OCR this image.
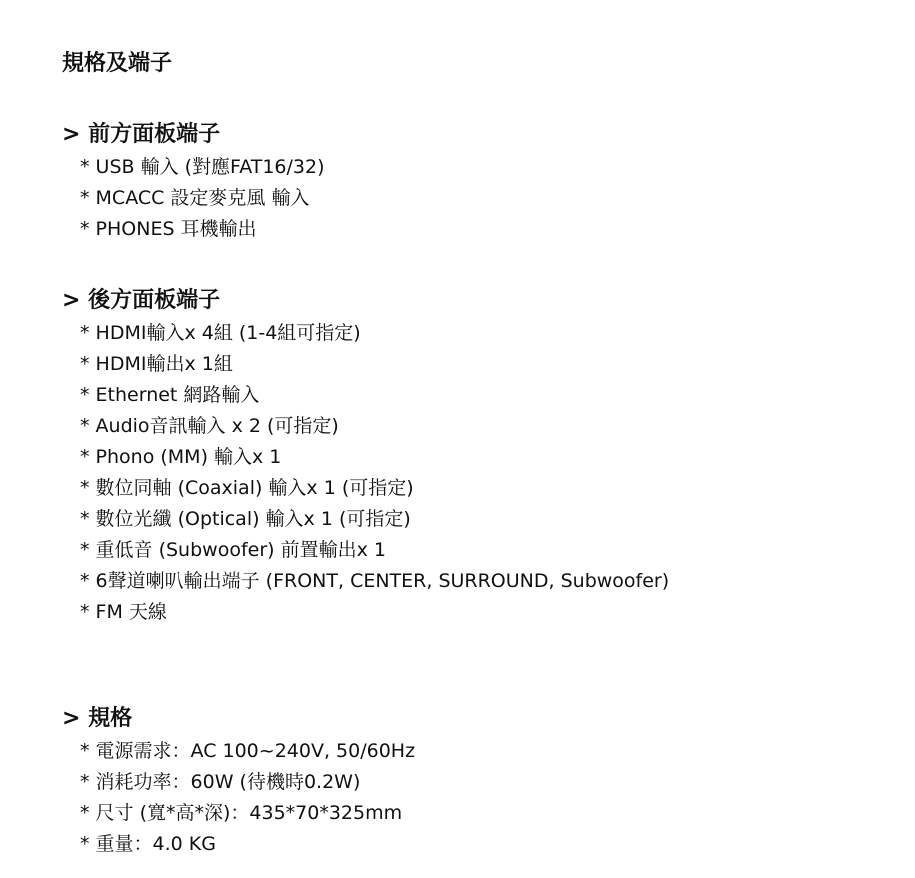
規格及端子
> 前方面板端子
* USB 輸入 (對應FAT16/32)
* MCACC 設定麥克風 輸入
* PHONES 耳機輸出
> 後方面板端子
* HDMI輸入x 4組 (1-4組可指定)
* HDMI輸出x 1組
* Ethernet 網路輸入
* Audio音訊輸入 x 2 (可指定)
* Phono (MM) 輸入x 1
* 數位同軸 (Coaxial) 輸入x 1 (可指定)
* 數位光纖 (Optical) 輸入x 1 (可指定)
* 重低音 (Subwoofer) 前置輸出x 1
* 6聲道喇叭輸出端子 (FRONT, CENTER, SURROUND, Subwoofer)
* FM 天線
> 規格
* 電源需求：AC 100~240V, 50/60Hz
* 消耗功率：60W (待機時0.2W)
* 尺寸 (寬*高*深)：435*70*325mm
* 重量：4.0 KG
